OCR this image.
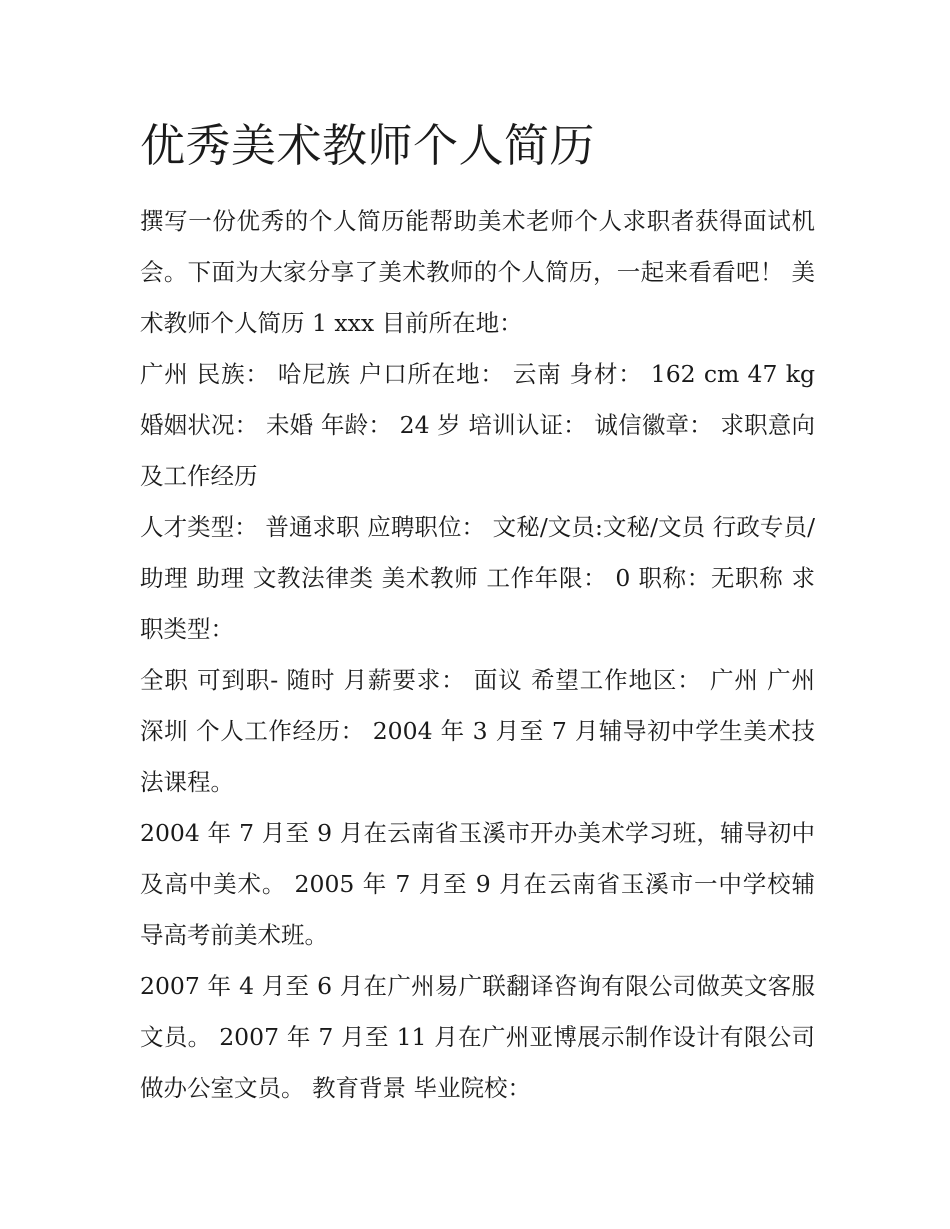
优秀美术教师个人简历

撰写一份优秀的个人简历能帮助美术老师个人求职者获得面试机会。下面为大家分享了美术教师的个人简历，一起来看看吧！ 美术教师个人简历 1 xxx 目前所在地：

广州 民族： 哈尼族 户口所在地： 云南 身材： 162 cm 47 kg 婚姻状况： 未婚 年龄： 24 岁 培训认证： 诚信徽章： 求职意向及工作经历

人才类型： 普通求职 应聘职位： 文秘/文员:文秘/文员 行政专员/助理 助理 文教法律类 美术教师 工作年限： 0 职称：无职称 求职类型：

全职 可到职- 随时 月薪要求： 面议 希望工作地区： 广州 广州 深圳 个人工作经历： 2004 年 3 月至 7 月辅导初中学生美术技法课程。

2004 年 7 月至 9 月在云南省玉溪市开办美术学习班，辅导初中及高中美术。 2005 年 7 月至 9 月在云南省玉溪市一中学校辅导高考前美术班。

2007 年 4 月至 6 月在广州易广联翻译咨询有限公司做英文客服文员。 2007 年 7 月至 11 月在广州亚博展示制作设计有限公司做办公室文员。 教育背景 毕业院校：
